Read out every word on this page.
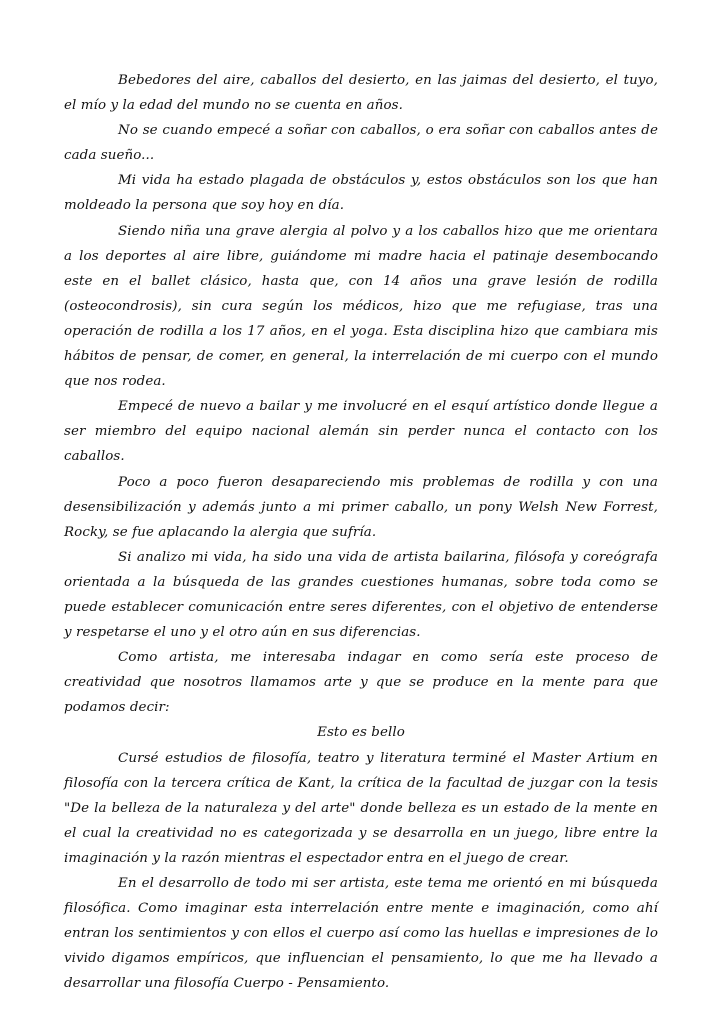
Bebedores del aire, caballos del desierto, en las jaimas del desierto, el tuyo, el mío y la edad del mundo no se cuenta en años.

No se cuando empecé a soñar con caballos, o era soñar con caballos antes de cada sueño...

Mi vida ha estado plagada de obstáculos y, estos obstáculos son los que han moldeado la persona que soy hoy en día.

Siendo niña una grave alergia al polvo y a los caballos hizo que me orientara a los deportes al aire libre, guiándome mi madre hacia el patinaje desembocando este en el ballet clásico, hasta que, con 14 años una grave lesión de rodilla (osteocondrosis), sin cura según los médicos, hizo que me refugiase, tras una operación de rodilla a los 17 años, en el yoga. Esta disciplina hizo que cambiara mis hábitos de pensar, de comer, en general, la interrelación de mi cuerpo con el mundo que nos rodea.

Empecé de nuevo a bailar y me involucré en el esquí artístico donde llegue a ser miembro del equipo nacional alemán sin perder nunca el contacto con los caballos.

Poco a poco fueron desapareciendo mis problemas de rodilla y con una desensibilización y además junto a mi primer caballo, un pony Welsh New Forrest, Rocky, se fue aplacando la alergia que sufría.

Si analizo mi vida, ha sido una vida de artista bailarina, filósofa y coreógrafa orientada a la búsqueda de las grandes cuestiones humanas, sobre toda como se puede establecer comunicación entre seres diferentes, con el objetivo de entenderse y respetarse el uno y el otro aún en sus diferencias.

Como artista, me interesaba indagar en como sería este proceso de creatividad que nosotros llamamos arte y que se produce en la mente para que podamos decir:

Esto es bello

Cursé estudios de filosofía, teatro y literatura terminé el Master Artium en filosofía con la tercera crítica de Kant, la crítica de la facultad de juzgar con la tesis "De la belleza de la naturaleza y del arte" donde belleza es un estado de la mente en el cual la creatividad no es categorizada y se desarrolla en un juego, libre entre la imaginación y la razón mientras el espectador entra en el juego de crear.

En el desarrollo de todo mi ser artista, este tema me orientó en mi búsqueda filosófica. Como imaginar esta interrelación entre mente e imaginación, como ahí entran los sentimientos y con ellos el cuerpo así como las huellas e impresiones de lo vivido digamos empíricos, que influencian el pensamiento, lo que me ha llevado a desarrollar una filosofía Cuerpo - Pensamiento.
